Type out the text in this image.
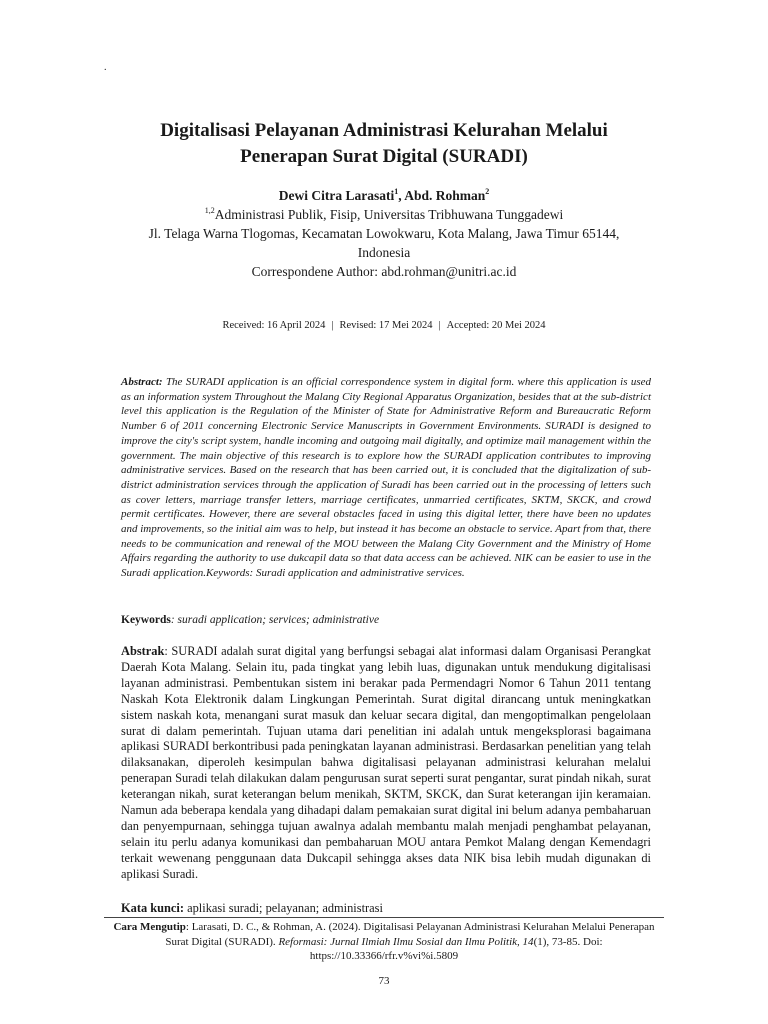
.
Digitalisasi Pelayanan Administrasi Kelurahan Melalui
Penerapan Surat Digital (SURADI)
Dewi Citra Larasati$^1$, Abd. Rohman$^2$
$^{1,2}$Administrasi Publik, Fisip, Universitas Tribhuwana Tunggadewi
Jl. Telaga Warna Tlogomas, Kecamatan Lowokwaru, Kota Malang, Jawa Timur 65144,
Indonesia
Correspondene Author: abd.rohman@unitri.ac.id
Received: 16 April 2024 | Revised: 17 Mei 2024 | Accepted: 20 Mei 2024
Abstract: The SURADI application is an official correspondence system in digital form. where this application is used as an information system Throughout the Malang City Regional Apparatus Organization, besides that at the sub-district level this application is the Regulation of the Minister of State for Administrative Reform and Bureaucratic Reform Number 6 of 2011 concerning Electronic Service Manuscripts in Government Environments. SURADI is designed to improve the city's script system, handle incoming and outgoing mail digitally, and optimize mail management within the government. The main objective of this research is to explore how the SURADI application contributes to improving administrative services. Based on the research that has been carried out, it is concluded that the digitalization of sub-district administration services through the application of Suradi has been carried out in the processing of letters such as cover letters, marriage transfer letters, marriage certificates, unmarried certificates, SKTM, SKCK, and crowd permit certificates. However, there are several obstacles faced in using this digital letter, there have been no updates and improvements, so the initial aim was to help, but instead it has become an obstacle to service. Apart from that, there needs to be communication and renewal of the MOU between the Malang City Government and the Ministry of Home Affairs regarding the authority to use dukcapil data so that data access can be achieved. NIK can be easier to use in the Suradi application.Keywords: Suradi application and administrative services.
Keywords: suradi application; services; administrative
Abstrak: SURADI adalah surat digital yang berfungsi sebagai alat informasi dalam Organisasi Perangkat Daerah Kota Malang. Selain itu, pada tingkat yang lebih luas, digunakan untuk mendukung digitalisasi layanan administrasi. Pembentukan sistem ini berakar pada Permendagri Nomor 6 Tahun 2011 tentang Naskah Kota Elektronik dalam Lingkungan Pemerintah. Surat digital dirancang untuk meningkatkan sistem naskah kota, menangani surat masuk dan keluar secara digital, dan mengoptimalkan pengelolaan surat di dalam pemerintah. Tujuan utama dari penelitian ini adalah untuk mengeksplorasi bagaimana aplikasi SURADI berkontribusi pada peningkatan layanan administrasi. Berdasarkan penelitian yang telah dilaksanakan, diperoleh kesimpulan bahwa digitalisasi pelayanan administrasi kelurahan melalui penerapan Suradi telah dilakukan dalam pengurusan surat seperti surat pengantar, surat pindah nikah, surat keterangan nikah, surat keterangan belum menikah, SKTM, SKCK, dan Surat keterangan ijin keramaian. Namun ada beberapa kendala yang dihadapi dalam pemakaian surat digital ini belum adanya pembaharuan dan penyempurnaan, sehingga tujuan awalnya adalah membantu malah menjadi penghambat pelayanan, selain itu perlu adanya komunikasi dan pembaharuan MOU antara Pemkot Malang dengan Kemendagri terkait wewenang penggunaan data Dukcapil sehingga akses data NIK bisa lebih mudah digunakan di aplikasi Suradi.
Kata kunci: aplikasi suradi; pelayanan; administrasi
Cara Mengutip: Larasati, D. C., & Rohman, A. (2024). Digitalisasi Pelayanan Administrasi Kelurahan Melalui Penerapan Surat Digital (SURADI). Reformasi: Jurnal Ilmiah Ilmu Sosial dan Ilmu Politik, 14(1), 73-85. Doi: https://10.33366/rfr.v%vi%i.5809
73
